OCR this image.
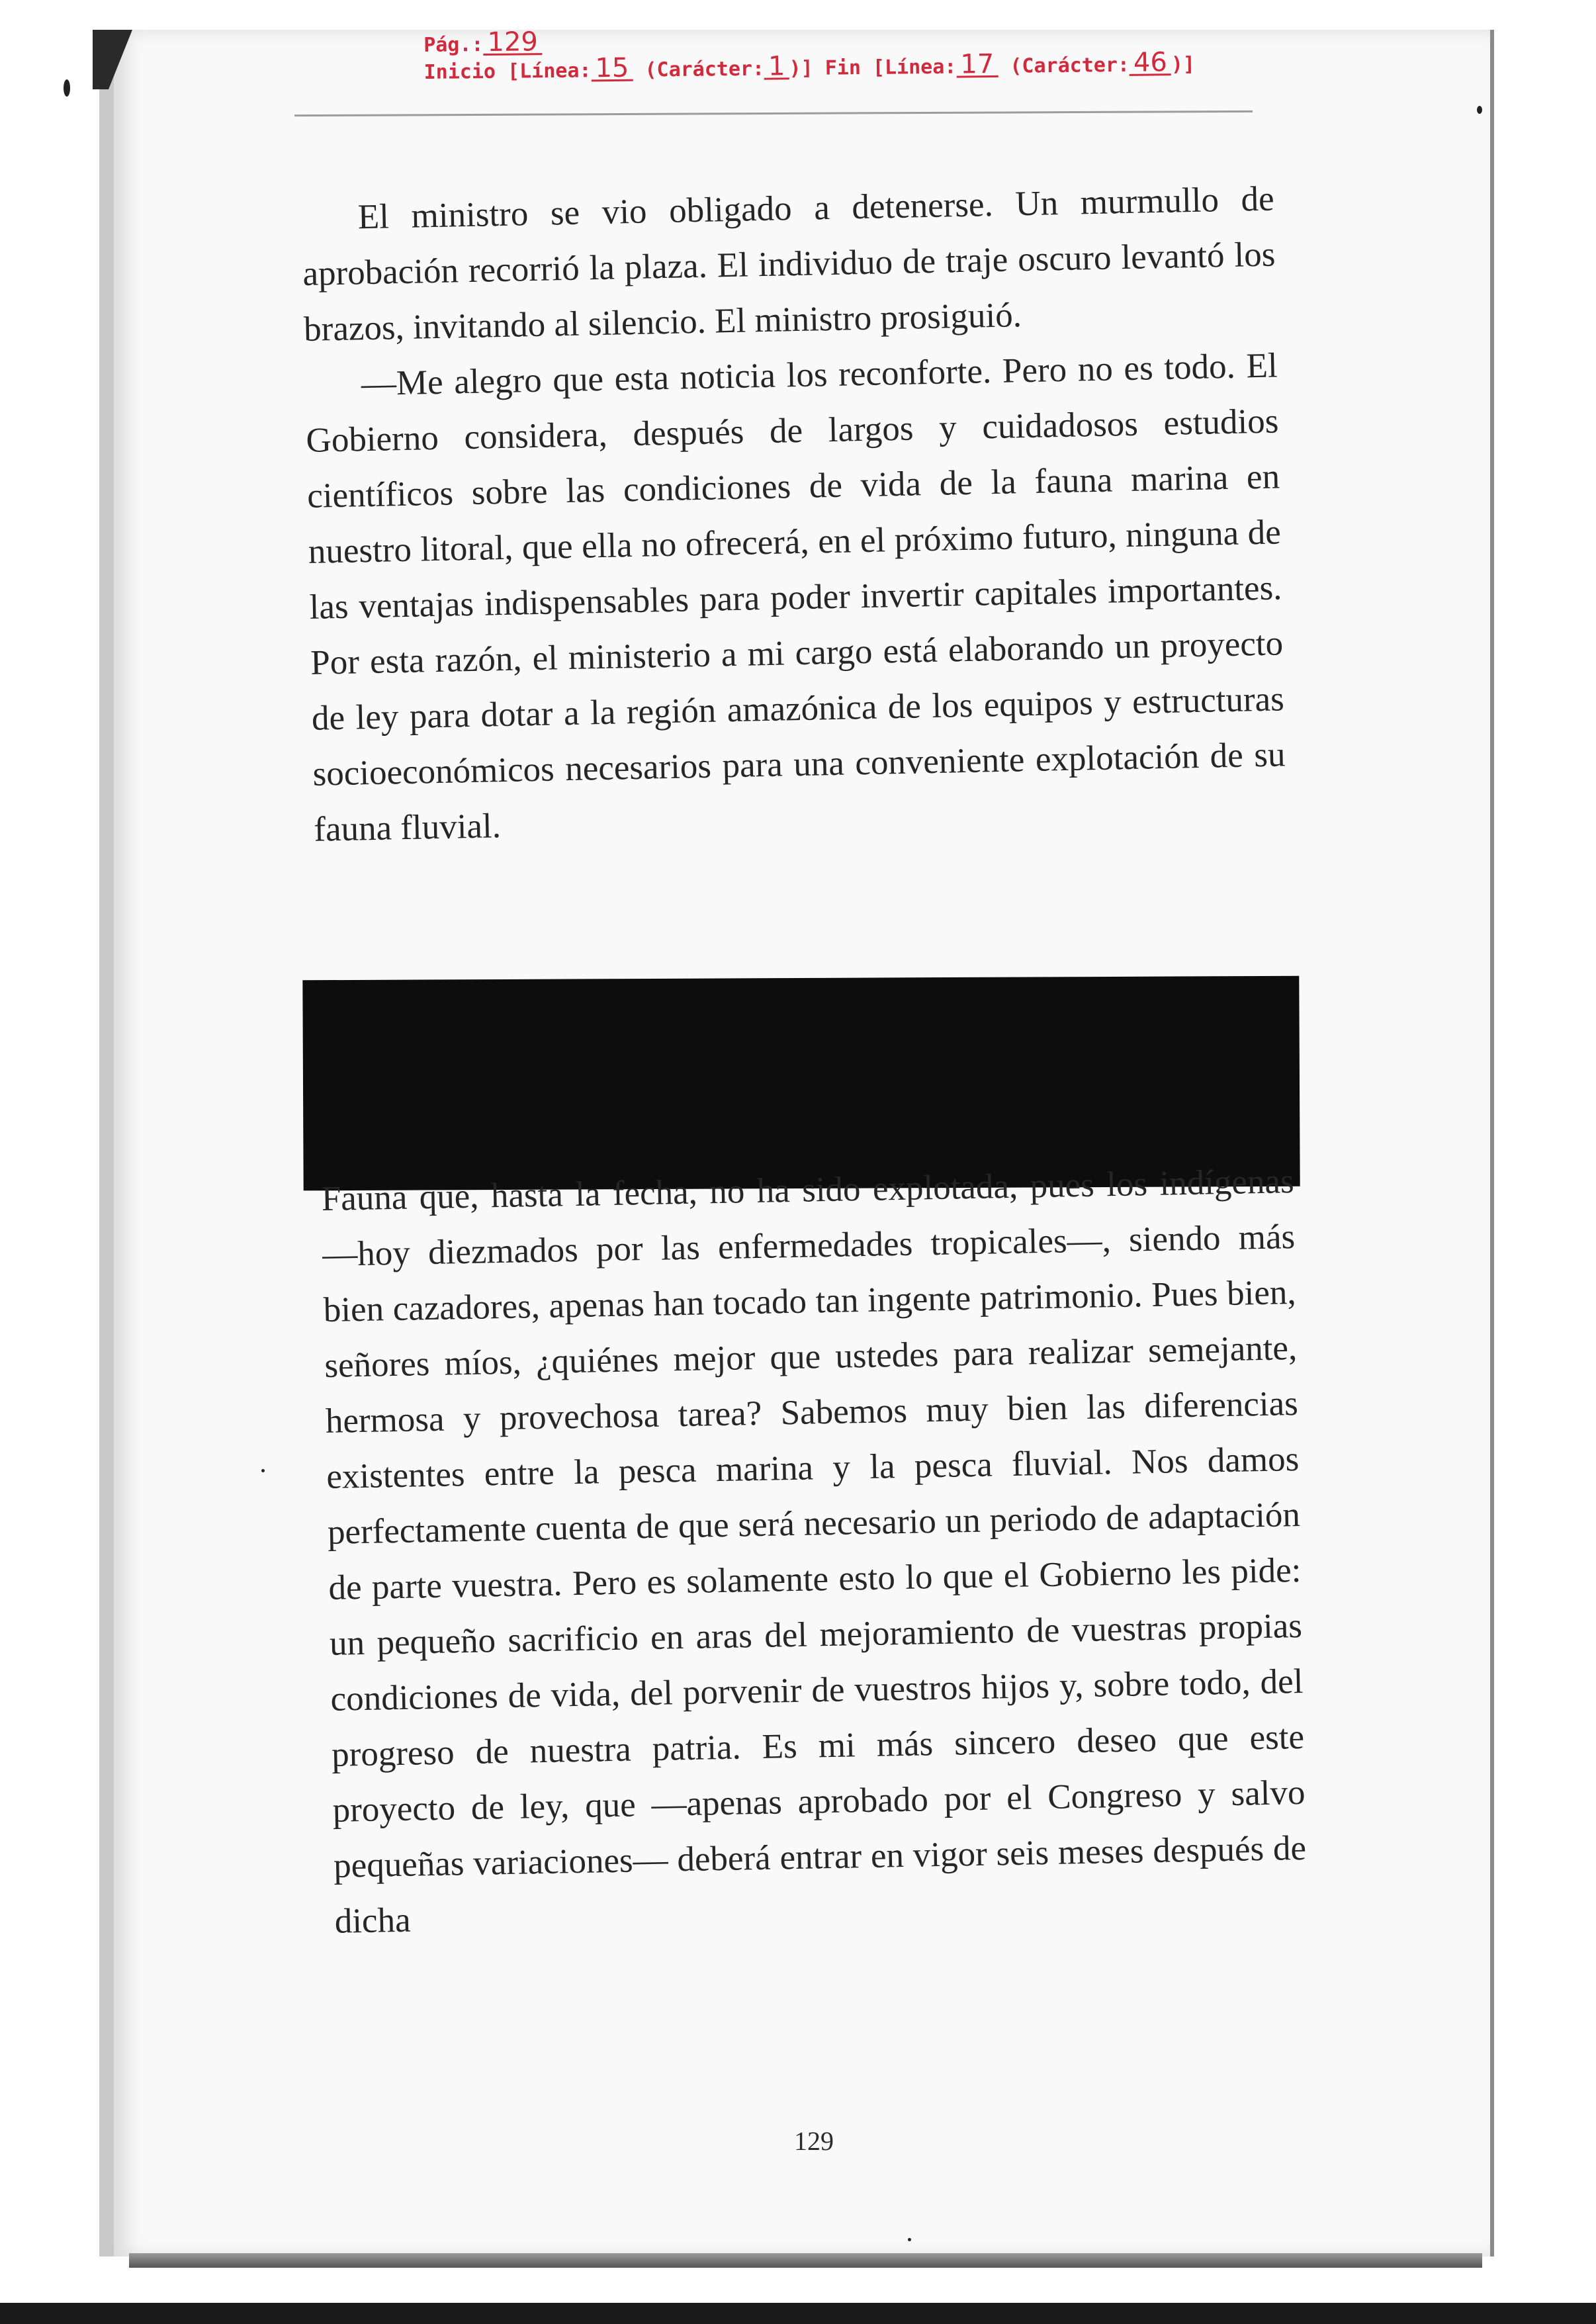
Pág.: 129
Inicio [Línea: 15 (Carácter: 1 )] Fin [Línea: 17 (Carácter: 46 )]

El ministro se vio obligado a detenerse. Un murmullo de aprobación recorrió la plaza. El individuo de traje oscuro levantó los brazos, invitando al silencio. El ministro prosiguió.

—Me alegro que esta noticia los reconforte. Pero no es todo. El Gobierno considera, después de largos y cuidadosos estudios científicos sobre las condiciones de vida de la fauna marina en nuestro litoral, que ella no ofrecerá, en el próximo futuro, ninguna de las ventajas indispensables para poder invertir capitales importantes. Por esta razón, el ministerio a mi cargo está elaborando un proyecto de ley para dotar a la región amazónica de los equipos y estructuras socioeconómicos necesarios para una conveniente explotación de su fauna fluvial.

Fauna que, hasta la fecha, no ha sido explotada, pues los indígenas —hoy diezmados por las enfermedades tropicales—, siendo más bien cazadores, apenas han tocado tan ingente patrimonio. Pues bien, señores míos, ¿quiénes mejor que ustedes para realizar semejante, hermosa y provechosa tarea? Sabemos muy bien las diferencias existentes entre la pesca marina y la pesca fluvial. Nos damos perfectamente cuenta de que será necesario un periodo de adaptación de parte vuestra. Pero es solamente esto lo que el Gobierno les pide: un pequeño sacrificio en aras del mejoramiento de vuestras propias condiciones de vida, del porvenir de vuestros hijos y, sobre todo, del progreso de nuestra patria. Es mi más sincero deseo que este proyecto de ley, que —apenas aprobado por el Congreso y salvo pequeñas variaciones— deberá entrar en vigor seis meses después de dicha

129
